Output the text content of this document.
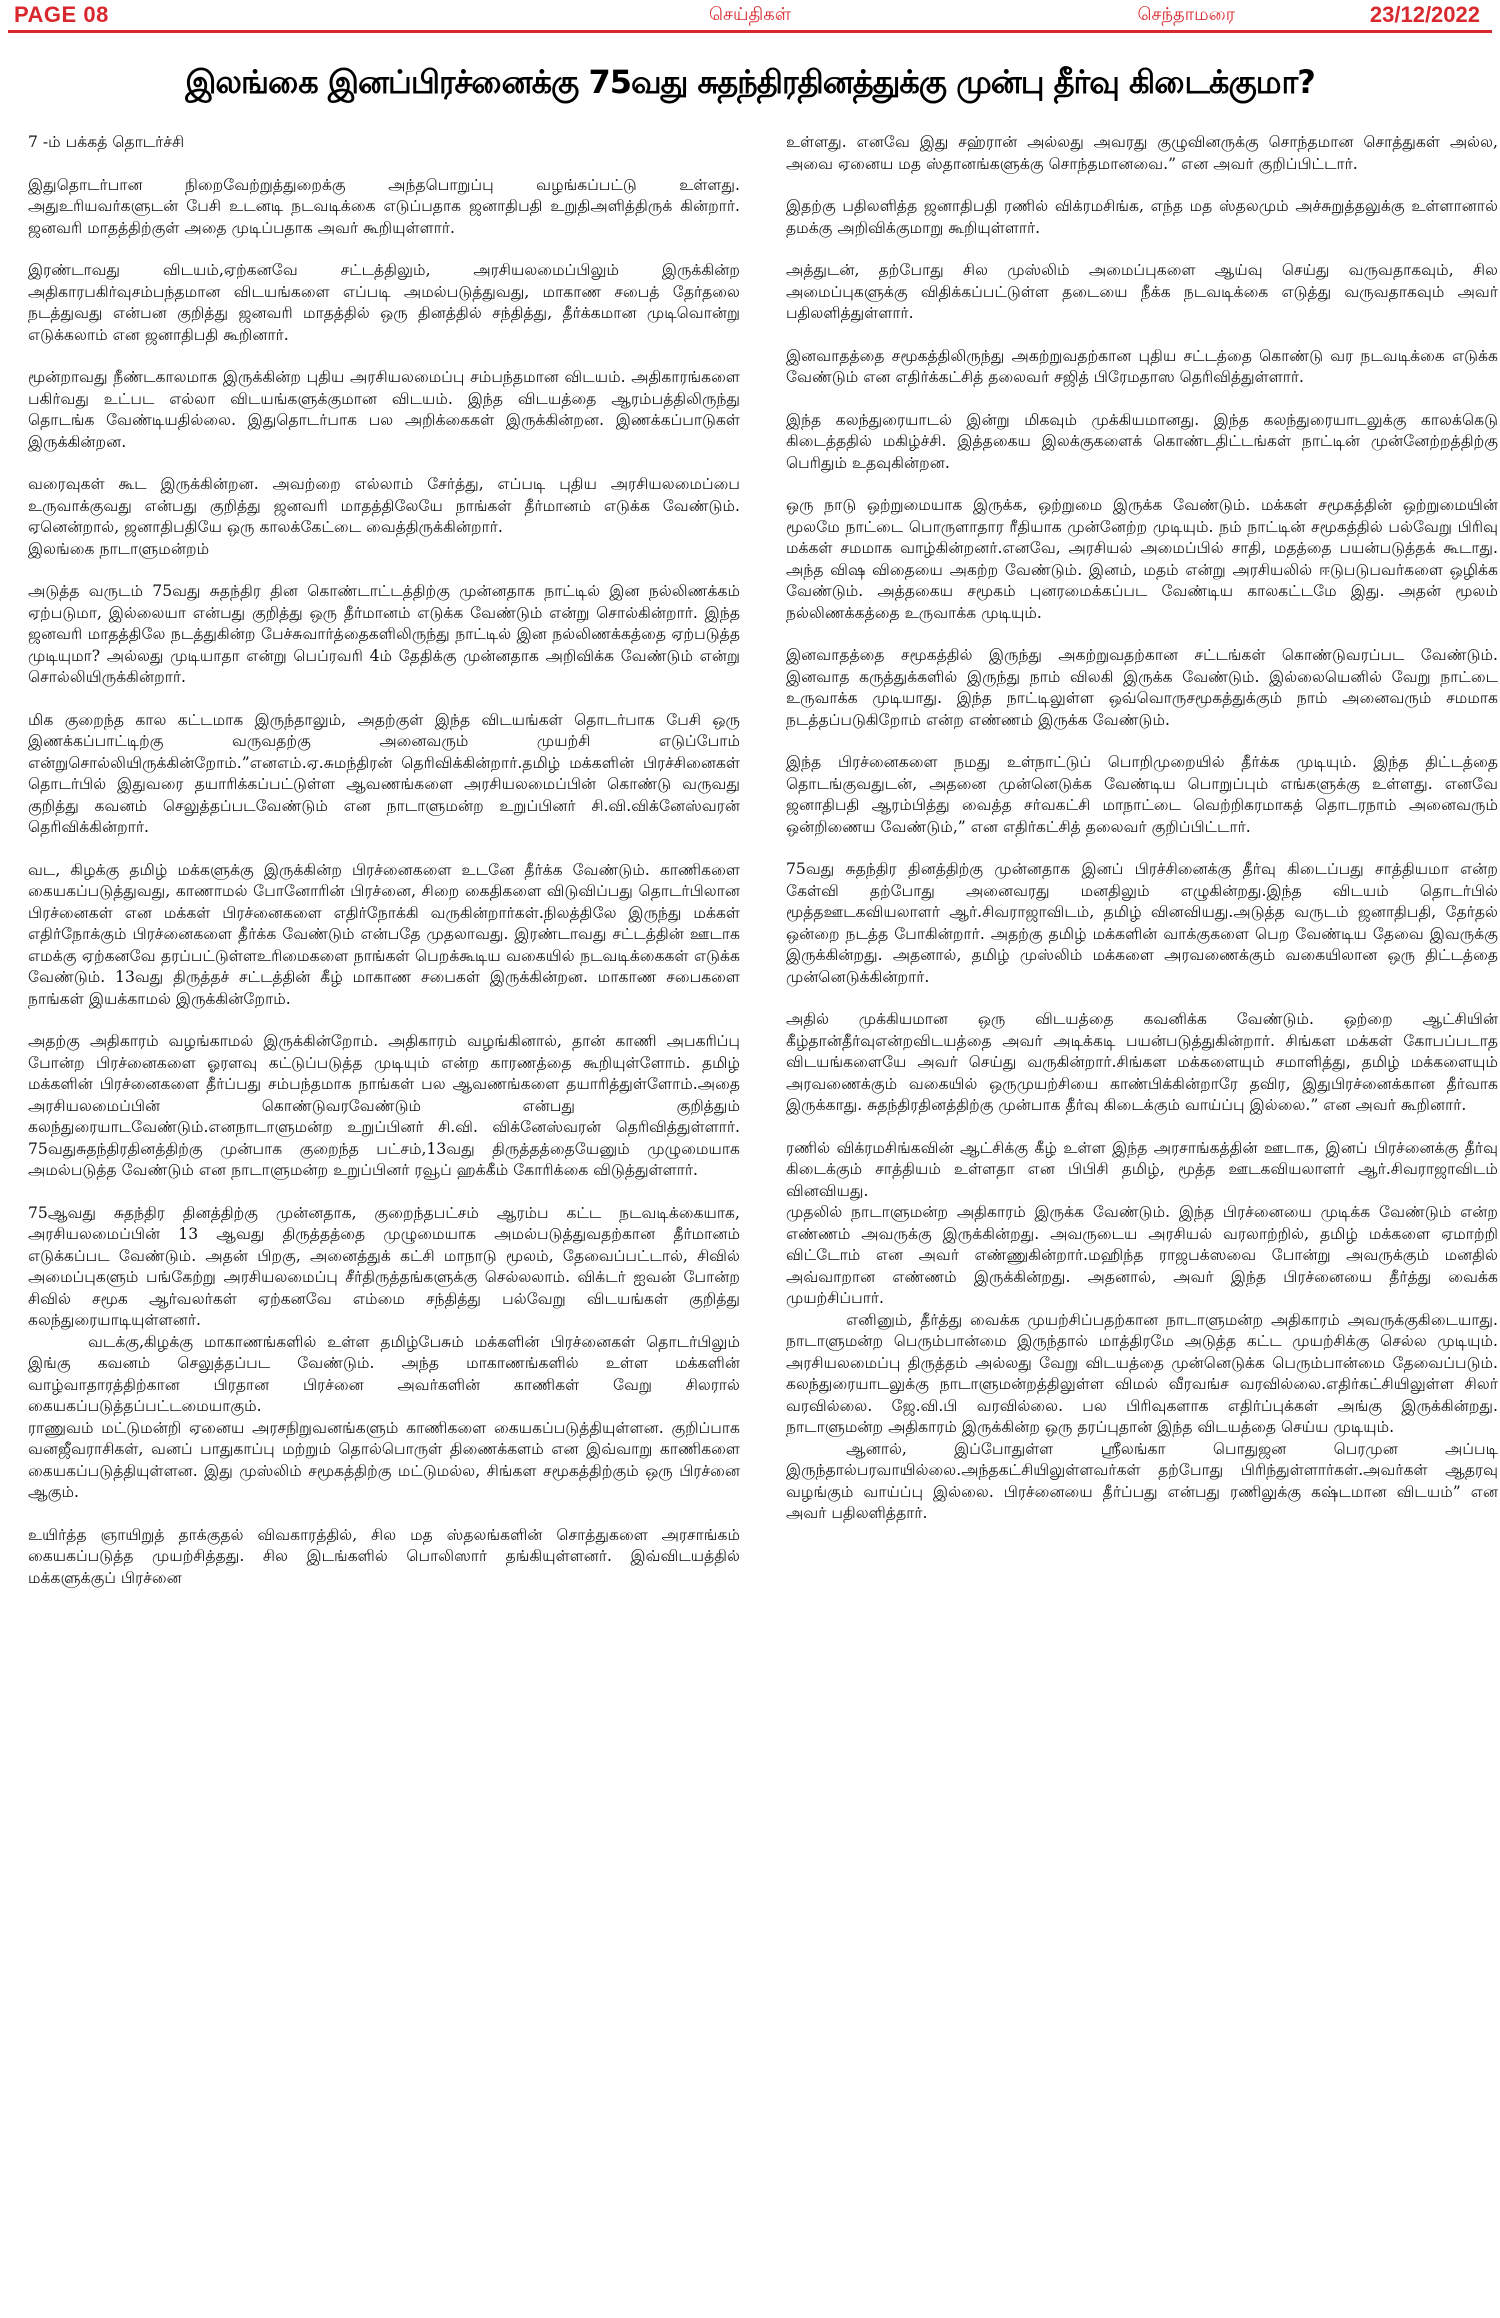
PAGE 08	செய்திகள்	செந்தாமரை	23/12/2022
இலங்கை இனப்பிரச்னைக்கு 75வது சுதந்திரதினத்துக்கு முன்பு தீர்வு கிடைக்குமா?

7 -ம் பக்கத் தொடர்ச்சி

இதுதொடர்பான நிறைவேற்றுத்துறைக்கு அந்தபொறுப்பு வழங்கப்பட்டு உள்ளது. அதுஉரியவர்களுடன் பேசி உடனடி நடவடிக்கை எடுப்பதாக ஜனாதிபதி உறுதிஅளித்திருக் கின்றார். ஜனவரி மாதத்திற்குள் அதை முடிப்பதாக அவர் கூறியுள்ளார்.

இரண்டாவது விடயம்,ஏற்கனவே சட்டத்திலும், அரசியலமைப்பிலும் இருக்கின்ற அதிகாரபகிர்வுசம்பந்தமான விடயங்களை எப்படி அமல்படுத்துவது, மாகாண சபைத் தேர்தலை நடத்துவது என்பன குறித்து ஜனவரி மாதத்தில் ஒரு தினத்தில் சந்தித்து, தீர்க்கமான முடிவொன்று எடுக்கலாம் என ஜனாதிபதி கூறினார்.

மூன்றாவது நீண்டகாலமாக இருக்கின்ற புதிய அரசியலமைப்பு சம்பந்தமான விடயம். அதிகாரங்களை பகிர்வது உட்பட எல்லா விடயங்களுக்குமான விடயம். இந்த விடயத்தை ஆரம்பத்திலிருந்து தொடங்க வேண்டியதில்லை. இதுதொடர்பாக பல அறிக்கைகள் இருக்கின்றன. இணக்கப்பாடுகள் இருக்கின்றன.

வரைவுகள் கூட இருக்கின்றன. அவற்றை எல்லாம் சேர்த்து, எப்படி புதிய அரசியலமைப்பை உருவாக்குவது என்பது குறித்து ஜனவரி மாதத்திலேயே நாங்கள் தீர்மானம் எடுக்க வேண்டும். ஏனென்றால், ஜனாதிபதியே ஒரு காலக்கேட்டை வைத்திருக்கின்றார்.

இலங்கை நாடாளுமன்றம்

அடுத்த வருடம் 75வது சுதந்திர தின கொண்டாட்டத்திற்கு முன்னதாக நாட்டில் இன நல்லிணக்கம் ஏற்படுமா, இல்லையா என்பது குறித்து ஒரு தீர்மானம் எடுக்க வேண்டும் என்று சொல்கின்றார். இந்த ஜனவரி மாதத்திலே நடத்துகின்ற பேச்சுவார்த்தைகளிலிருந்து நாட்டில் இன நல்லிணக்கத்தை ஏற்படுத்த முடியுமா? அல்லது முடியாதா என்று பெப்ரவரி 4ம் தேதிக்கு முன்னதாக அறிவிக்க வேண்டும் என்று சொல்லியிருக்கின்றார்.

மிக குறைந்த கால கட்டமாக இருந்தாலும், அதற்குள் இந்த விடயங்கள் தொடர்பாக பேசி ஒரு இணக்கப்பாட்டிற்கு வருவதற்கு அனைவரும் முயற்சி எடுப்போம் என்றுசொல்லியிருக்கின்றோம்.”எனஎம்.ஏ.சுமந்திரன் தெரிவிக்கின்றார்.தமிழ் மக்களின் பிரச்சினைகள் தொடர்பில் இதுவரை தயாரிக்கப்பட்டுள்ள ஆவணங்களை அரசியலமைப்பின் கொண்டு வருவது குறித்து கவனம் செலுத்தப்படவேண்டும் என நாடாளுமன்ற உறுப்பினர் சி.வி.விக்னேஸ்வரன் தெரிவிக்கின்றார்.

வட, கிழக்கு தமிழ் மக்களுக்கு இருக்கின்ற பிரச்னைகளை உடனே தீர்க்க வேண்டும். காணிகளை கையகப்படுத்துவது, காணாமல் போனோரின் பிரச்னை, சிறை கைதிகளை விடுவிப்பது தொடர்பிலான பிரச்னைகள் என மக்கள் பிரச்னைகளை எதிர்நோக்கி வருகின்றார்கள்.நிலத்திலே இருந்து மக்கள் எதிர்நோக்கும் பிரச்னைகளை தீர்க்க வேண்டும் என்பதே முதலாவது. இரண்டாவது சட்டத்தின் ஊடாக எமக்கு ஏற்கனவே தரப்பட்டுள்ளஉரிமைகளை நாங்கள் பெறக்கூடிய வகையில் நடவடிக்கைகள் எடுக்க வேண்டும். 13வது திருத்தச் சட்டத்தின் கீழ் மாகாண சபைகள் இருக்கின்றன. மாகாண சபைகளை நாங்கள் இயக்காமல் இருக்கின்றோம்.

அதற்கு அதிகாரம் வழங்காமல் இருக்கின்றோம். அதிகாரம் வழங்கினால், தான் காணி அபகரிப்பு போன்ற பிரச்னைகளை ஓரளவு கட்டுப்படுத்த முடியும் என்ற காரணத்தை கூறியுள்ளோம். தமிழ் மக்களின் பிரச்னைகளை தீர்ப்பது சம்பந்தமாக நாங்கள் பல ஆவணங்களை தயாரித்துள்ளோம்.அதை அரசியலமைப்பின் கொண்டுவரவேண்டும் என்பது குறித்தும் கலந்துரையாடவேண்டும்.எனநாடாளுமன்ற உறுப்பினர் சி.வி. விக்னேஸ்வரன் தெரிவித்துள்ளார். 75வதுசுதந்திரதினத்திற்கு முன்பாக குறைந்த பட்சம்,13வது திருத்தத்தையேனும் முழுமையாக அமல்படுத்த வேண்டும் என நாடாளுமன்ற உறுப்பினர் ரவூப் ஹக்கீம் கோரிக்கை விடுத்துள்ளார்.

75ஆவது சுதந்திர தினத்திற்கு முன்னதாக, குறைந்தபட்சம் ஆரம்ப கட்ட நடவடிக்கையாக, அரசியலமைப்பின் 13 ஆவது திருத்தத்தை முழுமையாக அமல்படுத்துவதற்கான தீர்மானம் எடுக்கப்பட வேண்டும். அதன் பிறகு, அனைத்துக் கட்சி மாநாடு மூலம், தேவைப்பட்டால், சிவில் அமைப்புகளும் பங்கேற்று அரசியலமைப்பு சீர்திருத்தங்களுக்கு செல்லலாம். விக்டர் ஐவன் போன்ற சிவில் சமூக ஆர்வலர்கள் ஏற்கனவே எம்மை சந்தித்து பல்வேறு விடயங்கள் குறித்து கலந்துரையாடியுள்ளனர்.

வடக்கு,கிழக்கு மாகாணங்களில் உள்ள தமிழ்பேசும் மக்களின் பிரச்னைகள் தொடர்பிலும் இங்கு கவனம் செலுத்தப்பட வேண்டும். அந்த மாகாணங்களில் உள்ள மக்களின் வாழ்வாதாரத்திற்கான பிரதான பிரச்னை அவர்களின் காணிகள் வேறு சிலரால் கையகப்படுத்தப்பட்டமையாகும்.

ராணுவம் மட்டுமன்றி ஏனைய அரசநிறுவனங்களும் காணிகளை கையகப்படுத்தியுள்ளன. குறிப்பாக வனஜீவராசிகள், வனப் பாதுகாப்பு மற்றும் தொல்பொருள் திணைக்களம் என இவ்வாறு காணிகளை கையகப்படுத்தியுள்ளன. இது முஸ்லிம் சமூகத்திற்கு மட்டுமல்ல, சிங்கள சமூகத்திற்கும் ஒரு பிரச்னை ஆகும்.

உயிர்த்த ஞாயிறுத் தாக்குதல் விவகாரத்தில், சில மத ஸ்தலங்களின் சொத்துகளை அரசாங்கம் கையகப்படுத்த முயற்சித்தது. சில இடங்களில் பொலிஸார் தங்கியுள்ளனர். இவ்விடயத்தில் மக்களுக்குப் பிரச்னை

உள்ளது. எனவே இது சஹ்ரான் அல்லது அவரது குழுவினருக்கு சொந்தமான சொத்துகள் அல்ல, அவை ஏனைய மத ஸ்தானங்களுக்கு சொந்தமானவை.” என அவர் குறிப்பிட்டார்.

இதற்கு பதிலளித்த ஜனாதிபதி ரணில் விக்ரமசிங்க, எந்த மத ஸ்தலமும் அச்சுறுத்தலுக்கு உள்ளானால் தமக்கு அறிவிக்குமாறு கூறியுள்ளார்.

அத்துடன், தற்போது சில முஸ்லிம் அமைப்புகளை ஆய்வு செய்து வருவதாகவும், சில அமைப்புகளுக்கு விதிக்கப்பட்டுள்ள தடையை நீக்க நடவடிக்கை எடுத்து வருவதாகவும் அவர் பதிலளித்துள்ளார்.

இனவாதத்தை சமூகத்திலிருந்து அகற்றுவதற்கான புதிய சட்டத்தை கொண்டு வர நடவடிக்கை எடுக்க வேண்டும் என எதிர்க்கட்சித் தலைவர் சஜித் பிரேமதாஸ தெரிவித்துள்ளார்.

இந்த கலந்துரையாடல் இன்று மிகவும் முக்கியமானது. இந்த கலந்துரையாடலுக்கு காலக்கெடு கிடைத்ததில் மகிழ்ச்சி. இத்தகைய இலக்குகளைக் கொண்டதிட்டங்கள் நாட்டின் முன்னேற்றத்திற்கு பெரிதும் உதவுகின்றன.

ஒரு நாடு ஒற்றுமையாக இருக்க, ஒற்றுமை இருக்க வேண்டும். மக்கள் சமூகத்தின் ஒற்றுமையின் மூலமே நாட்டை பொருளாதார ரீதியாக முன்னேற்ற முடியும். நம் நாட்டின் சமூகத்தில் பல்வேறு பிரிவு மக்கள் சமமாக வாழ்கின்றனர்.எனவே, அரசியல் அமைப்பில் சாதி, மதத்தை பயன்படுத்தக் கூடாது. அந்த விஷ விதையை அகற்ற வேண்டும். இனம், மதம் என்று அரசியலில் ஈடுபடுபவர்களை ஒழிக்க வேண்டும். அத்தகைய சமூகம் புனரமைக்கப்பட வேண்டிய காலகட்டமே இது. அதன் மூலம் நல்லிணக்கத்தை உருவாக்க முடியும்.

இனவாதத்தை சமூகத்தில் இருந்து அகற்றுவதற்கான சட்டங்கள் கொண்டுவரப்பட வேண்டும். இனவாத கருத்துக்களில் இருந்து நாம் விலகி இருக்க வேண்டும். இல்லையெனில் வேறு நாட்டை உருவாக்க முடியாது. இந்த நாட்டிலுள்ள ஒவ்வொருசமூகத்துக்கும் நாம் அனைவரும் சமமாக நடத்தப்படுகிறோம் என்ற எண்ணம் இருக்க வேண்டும்.

இந்த பிரச்னைகளை நமது உள்நாட்டுப் பொறிமுறையில் தீர்க்க முடியும். இந்த திட்டத்தை தொடங்குவதுடன், அதனை முன்னெடுக்க வேண்டிய பொறுப்பும் எங்களுக்கு உள்ளது. எனவே ஜனாதிபதி ஆரம்பித்து வைத்த சர்வகட்சி மாநாட்டை வெற்றிகரமாகத் தொடரநாம் அனைவரும் ஒன்றிணைய வேண்டும்,” என எதிர்கட்சித் தலைவர் குறிப்பிட்டார்.

75வது சுதந்திர தினத்திற்கு முன்னதாக இனப் பிரச்சினைக்கு தீர்வு கிடைப்பது சாத்தியமா என்ற கேள்வி தற்போது அனைவரது மனதிலும் எழுகின்றது.இந்த விடயம் தொடர்பில் மூத்தஊடகவியலாளர் ஆர்.சிவராஜாவிடம், தமிழ் வினவியது.அடுத்த வருடம் ஜனாதிபதி, தேர்தல் ஒன்றை நடத்த போகின்றார். அதற்கு தமிழ் மக்களின் வாக்குகளை பெற வேண்டிய தேவை இவருக்கு இருக்கின்றது. அதனால், தமிழ் முஸ்லிம் மக்களை அரவணைக்கும் வகையிலான ஒரு திட்டத்தை முன்னெடுக்கின்றார்.

அதில் முக்கியமான ஒரு விடயத்தை கவனிக்க வேண்டும். ஒற்றை ஆட்சியின் கீழ்தான்தீர்வுஎன்றவிடயத்தை அவர் அடிக்கடி பயன்படுத்துகின்றார். சிங்கள மக்கள் கோபப்படாத விடயங்களையே அவர் செய்து வருகின்றார்.சிங்கள மக்களையும் சமாளித்து, தமிழ் மக்களையும் அரவணைக்கும் வகையில் ஒருமுயற்சியை காண்பிக்கின்றாரே தவிர, இதுபிரச்னைக்கான தீர்வாக இருக்காது. சுதந்திரதினத்திற்கு முன்பாக தீர்வு கிடைக்கும் வாய்ப்பு இல்லை.” என அவர் கூறினார்.

ரணில் விக்ரமசிங்கவின் ஆட்சிக்கு கீழ் உள்ள இந்த அரசாங்கத்தின் ஊடாக, இனப் பிரச்னைக்கு தீர்வு கிடைக்கும் சாத்தியம் உள்ளதா என பிபிசி தமிழ், மூத்த ஊடகவியலாளர் ஆர்.சிவராஜாவிடம் வினவியது.

முதலில் நாடாளுமன்ற அதிகாரம் இருக்க வேண்டும். இந்த பிரச்னையை முடிக்க வேண்டும் என்ற எண்ணம் அவருக்கு இருக்கின்றது. அவருடைய அரசியல் வரலாற்றில், தமிழ் மக்களை ஏமாற்றி விட்டோம் என அவர் எண்ணுகின்றார்.மஹிந்த ராஜபக்ஸவை போன்று அவருக்கும் மனதில் அவ்வாறான எண்ணம் இருக்கின்றது. அதனால், அவர் இந்த பிரச்னையை தீர்த்து வைக்க முயற்சிப்பார்.

எனினும், தீர்த்து வைக்க முயற்சிப்பதற்கான நாடாளுமன்ற அதிகாரம் அவருக்குகிடையாது. நாடாளுமன்ற பெரும்பான்மை இருந்தால் மாத்திரமே அடுத்த கட்ட முயற்சிக்கு செல்ல முடியும். அரசியலமைப்பு திருத்தம் அல்லது வேறு விடயத்தை முன்னெடுக்க பெரும்பான்மை தேவைப்படும். கலந்துரையாடலுக்கு நாடாளுமன்றத்திலுள்ள விமல் வீரவங்ச வரவில்லை.எதிர்கட்சியிலுள்ள சிலர் வரவில்லை. ஜே.வி.பி வரவில்லை. பல பிரிவுகளாக எதிர்ப்புக்கள் அங்கு இருக்கின்றது. நாடாளுமன்ற அதிகாரம் இருக்கின்ற ஒரு தரப்புதான் இந்த விடயத்தை செய்ய முடியும்.

ஆனால், இப்போதுள்ள ஸ்ரீலங்கா பொதுஜன பெரமுன அப்படி இருந்தால்பரவாயில்லை.அந்தகட்சியிலுள்ளவர்கள் தற்போது பிரிந்துள்ளார்கள்.அவர்கள் ஆதரவு வழங்கும் வாய்ப்பு இல்லை. பிரச்னையை தீர்ப்பது என்பது ரணிலுக்கு கஷ்டமான விடயம்” என அவர் பதிலளித்தார்.
